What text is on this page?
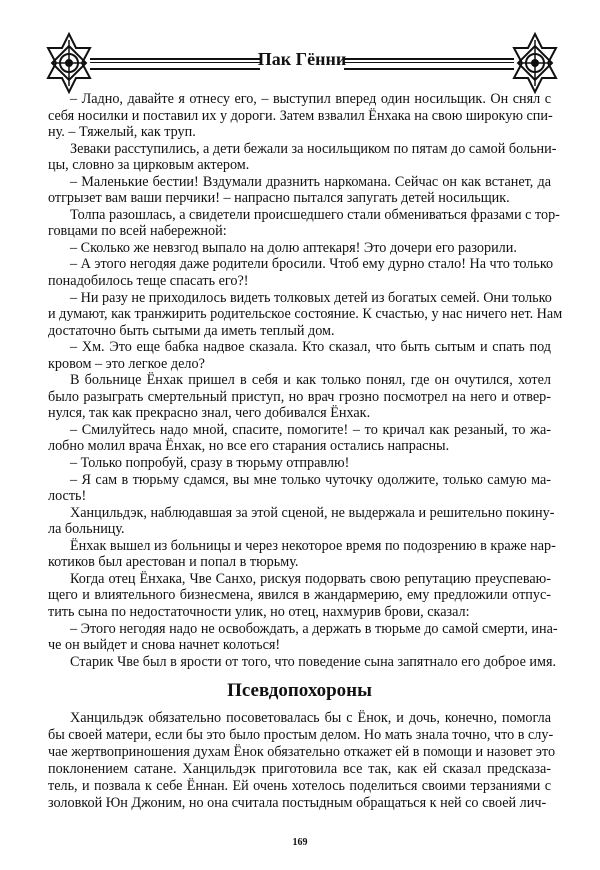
Пак Гённи
– Ладно, давайте я отнесу его, – выступил вперед один носильщик. Он снял с
себя носилки и поставил их у дороги. Затем взвалил Ёнхака на свою широкую спи-
ну. – Тяжелый, как труп.
Зеваки расступились, а дети бежали за носильщиком по пятам до самой больни-
цы, словно за цирковым актером.
– Маленькие бестии! Вздумали дразнить наркомана. Сейчас он как встанет, да
отгрызет вам ваши перчики! – напрасно пытался запугать детей носильщик.
Толпа разошлась, а свидетели происшедшего стали обмениваться фразами с тор-
говцами по всей набережной:
– Сколько же невзгод выпало на долю аптекаря! Это дочери его разорили.
– А этого негодяя даже родители бросили. Чтоб ему дурно стало! На что только
понадобилось теще спасать его?!
– Ни разу не приходилось видеть толковых детей из богатых семей. Они только
и думают, как транжирить родительское состояние. К счастью, у нас ничего нет. Нам
достаточно быть сытыми да иметь теплый дом.
– Хм. Это еще бабка надвое сказала. Кто сказал, что быть сытым и спать под
кровом – это легкое дело?
В больнице Ёнхак пришел в себя и как только понял, где он очутился, хотел
было разыграть смертельный приступ, но врач грозно посмотрел на него и отвер-
нулся, так как прекрасно знал, чего добивался Ёнхак.
– Смилуйтесь надо мной, спасите, помогите! – то кричал как резаный, то жа-
лобно молил врача Ёнхак, но все его старания остались напрасны.
– Только попробуй, сразу в тюрьму отправлю!
– Я сам в тюрьму сдамся, вы мне только чуточку одолжите, только самую ма-
лость!
Ханцильдэк, наблюдавшая за этой сценой, не выдержала и решительно покину-
ла больницу.
Ёнхак вышел из больницы и через некоторое время по подозрению в краже нар-
котиков был арестован и попал в тюрьму.
Когда отец Ёнхака, Чве Санхо, рискуя подорвать свою репутацию преуспеваю-
щего и влиятельного бизнесмена, явился в жандармерию, ему предложили отпус-
тить сына по недостаточности улик, но отец, нахмурив брови, сказал:
– Этого негодяя надо не освобождать, а держать в тюрьме до самой смерти, ина-
че он выйдет и снова начнет колоться!
Старик Чве был в ярости от того, что поведение сына запятнало его доброе имя.
Псевдопохороны
Ханцильдэк обязательно посоветовалась бы с Ёнок, и дочь, конечно, помогла
бы своей матери, если бы это было простым делом. Но мать знала точно, что в слу-
чае жертвоприношения духам Ёнок обязательно откажет ей в помощи и назовет это
поклонением сатане. Ханцильдэк приготовила все так, как ей сказал предсказа-
тель, и позвала к себе Ённан. Ей очень хотелось поделиться своими терзаниями с
золовкой Юн Джоним, но она считала постыдным обращаться к ней со своей лич-
169
